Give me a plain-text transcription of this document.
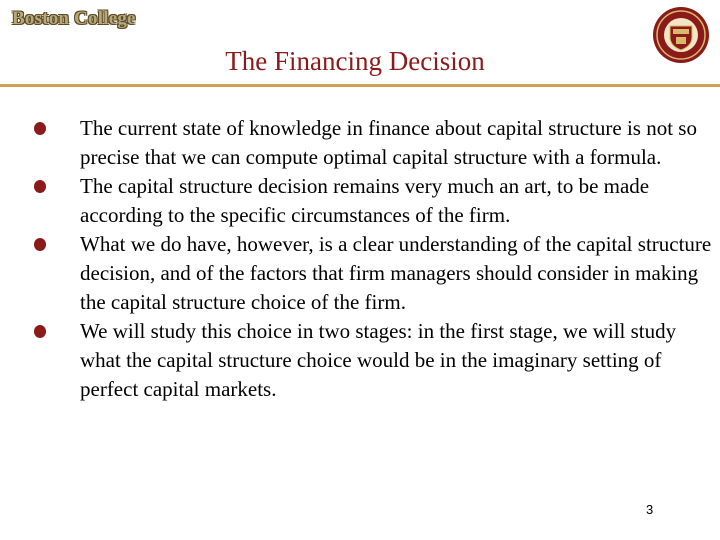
Boston College
The Financing Decision
The current state of knowledge in finance about capital structure is not so precise that we can compute optimal capital structure with a formula.
The capital structure decision remains very much an art, to be made according to the specific circumstances of the firm.
What we do have, however, is a clear understanding of the capital structure decision, and of the factors that firm managers should consider in making the capital structure choice of the firm.
We will study this choice in two stages: in the first stage, we will study what the capital structure choice would be in the imaginary setting of perfect capital markets.
3
